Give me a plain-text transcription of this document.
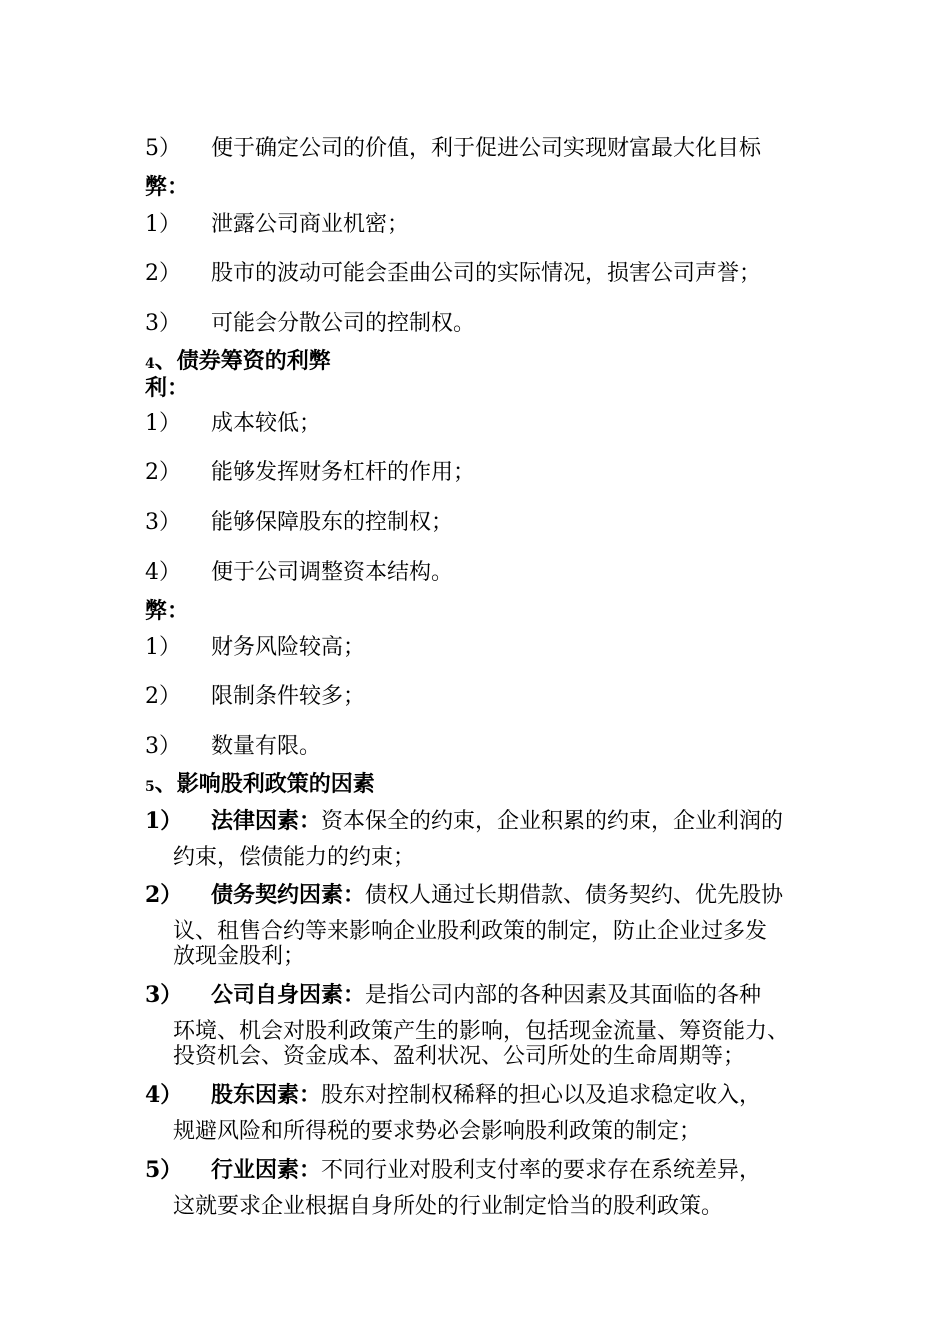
5） 便于确定公司的价值，利于促进公司实现财富最大化目标
弊：
1） 泄露公司商业机密；
2） 股市的波动可能会歪曲公司的实际情况，损害公司声誉；
3） 可能会分散公司的控制权。
4、债券筹资的利弊
利：
1） 成本较低；
2） 能够发挥财务杠杆的作用；
3） 能够保障股东的控制权；
4） 便于公司调整资本结构。
弊：
1） 财务风险较高；
2） 限制条件较多；
3） 数量有限。
5、影响股利政策的因素
1） 法律因素：资本保全的约束，企业积累的约束，企业利润的
约束，偿债能力的约束；
2） 债务契约因素：债权人通过长期借款、债务契约、优先股协
议、租售合约等来影响企业股利政策的制定，防止企业过多发
放现金股利；
3） 公司自身因素：是指公司内部的各种因素及其面临的各种
环境、机会对股利政策产生的影响，包括现金流量、筹资能力、
投资机会、资金成本、盈利状况、公司所处的生命周期等；
4） 股东因素：股东对控制权稀释的担心以及追求稳定收入，
规避风险和所得税的要求势必会影响股利政策的制定；
5） 行业因素：不同行业对股利支付率的要求存在系统差异，
这就要求企业根据自身所处的行业制定恰当的股利政策。
